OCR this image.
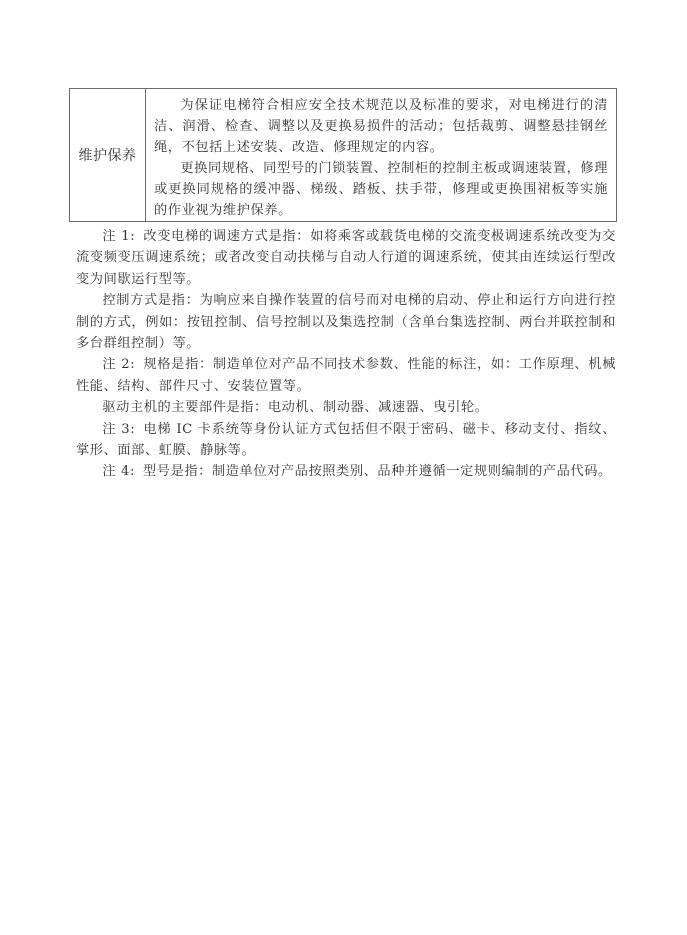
维护保养

为保证电梯符合相应安全技术规范以及标准的要求，对电梯进行的清洁、润滑、检查、调整以及更换易损件的活动；包括裁剪、调整悬挂钢丝绳，不包括上述安装、改造、修理规定的内容。

更换同规格、同型号的门锁装置、控制柜的控制主板或调速装置，修理或更换同规格的缓冲器、梯级、踏板、扶手带，修理或更换围裙板等实施的作业视为维护保养。

注 1: 改变电梯的调速方式是指：如将乘客或载货电梯的交流变极调速系统改变为交流变频变压调速系统；或者改变自动扶梯与自动人行道的调速系统，使其由连续运行型改变为间歇运行型等。

控制方式是指：为响应来自操作装置的信号而对电梯的启动、停止和运行方向进行控制的方式，例如：按钮控制、信号控制以及集选控制（含单台集选控制、两台并联控制和多台群组控制）等。

注 2: 规格是指：制造单位对产品不同技术参数、性能的标注，如：工作原理、机械性能、结构、部件尺寸、安装位置等。

驱动主机的主要部件是指：电动机、制动器、减速器、曳引轮。

注 3: 电梯 IC 卡系统等身份认证方式包括但不限于密码、磁卡、移动支付、指纹、掌形、面部、虹膜、静脉等。

注 4: 型号是指：制造单位对产品按照类别、品种并遵循一定规则编制的产品代码。
